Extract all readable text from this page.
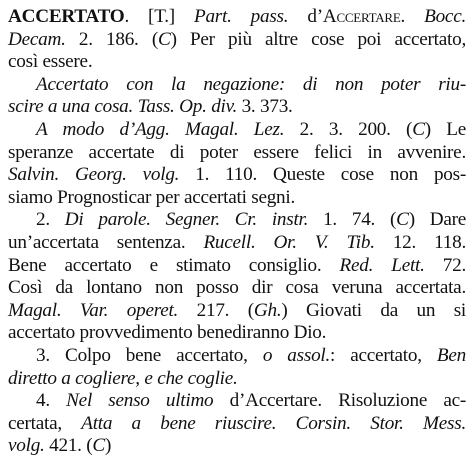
ACCERTATO. [T.] Part. pass. d’Accertare. Bocc.
Decam. 2. 186. (C) Per più altre cose poi accertato,
così essere.
Accertato con la negazione: di non poter riu-
scire a una cosa. Tass. Op. div. 3. 373.
A modo d’Agg. Magal. Lez. 2. 3. 200. (C) Le
speranze accertate di poter essere felici in avvenire.
Salvin. Georg. volg. 1. 110. Queste cose non pos-
siamo Prognosticar per accertati segni.
2. Di parole. Segner. Cr. instr. 1. 74. (C) Dare
un’accertata sentenza. Rucell. Or. V. Tib. 12. 118.
Bene accertato e stimato consiglio. Red. Lett. 72.
Così da lontano non posso dir cosa veruna accertata.
Magal. Var. operet. 217. (Gh.) Giovati da un si
accertato provvedimento benediranno Dio.
3. Colpo bene accertato, o assol.: accertato, Ben
diretto a cogliere, e che coglie.
4. Nel senso ultimo d’Accertare. Risoluzione ac-
certata, Atta a bene riuscire. Corsin. Stor. Mess.
volg. 421. (C)
